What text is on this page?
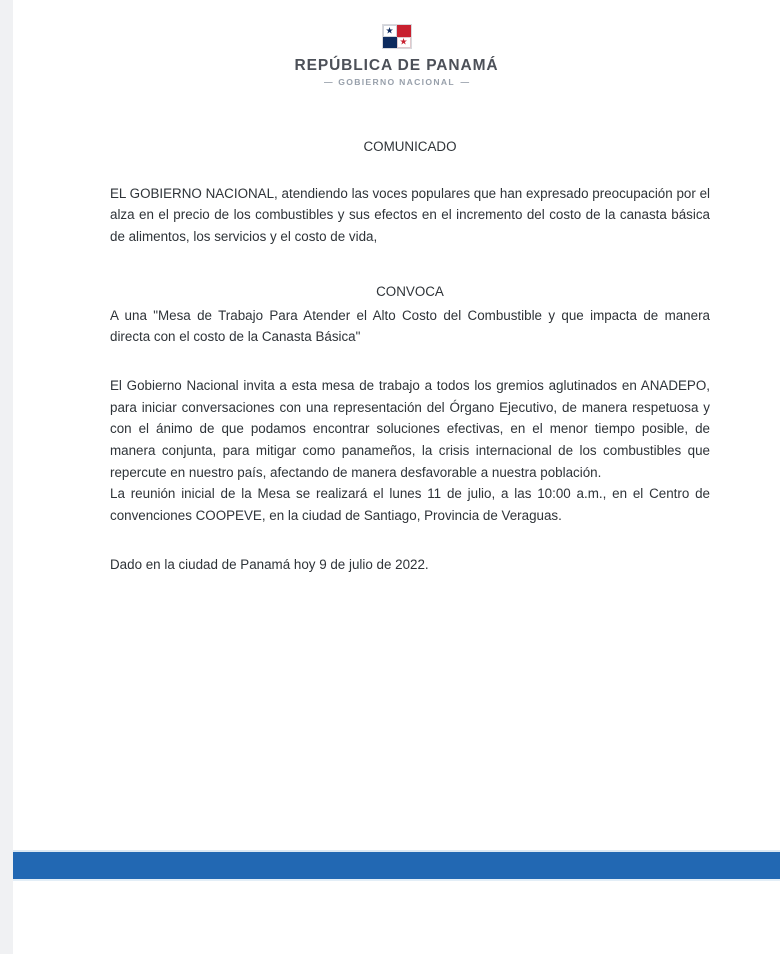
★
★
REPÚBLICA DE PANAMÁ
— GOBIERNO NACIONAL —
COMUNICADO

EL GOBIERNO NACIONAL, atendiendo las voces populares que han expresado preocupación por el alza en el precio de los combustibles y sus efectos en el incremento del costo de la canasta básica de alimentos, los servicios y el costo de vida,

CONVOCA

A una "Mesa de Trabajo Para Atender el Alto Costo del Combustible y que impacta de manera directa con el costo de la Canasta Básica"

El Gobierno Nacional invita a esta mesa de trabajo a todos los gremios aglutinados en ANADEPO, para iniciar conversaciones con una representación del Órgano Ejecutivo, de manera respetuosa y con el ánimo de que podamos encontrar soluciones efectivas, en el menor tiempo posible, de manera conjunta, para mitigar como panameños, la crisis internacional de los combustibles que repercute en nuestro país, afectando de manera desfavorable a nuestra población.

La reunión inicial de la Mesa se realizará el lunes 11 de julio, a las 10:00 a.m., en el Centro de convenciones COOPEVE, en la ciudad de Santiago, Provincia de Veraguas.

Dado en la ciudad de Panamá hoy 9 de julio de 2022.
